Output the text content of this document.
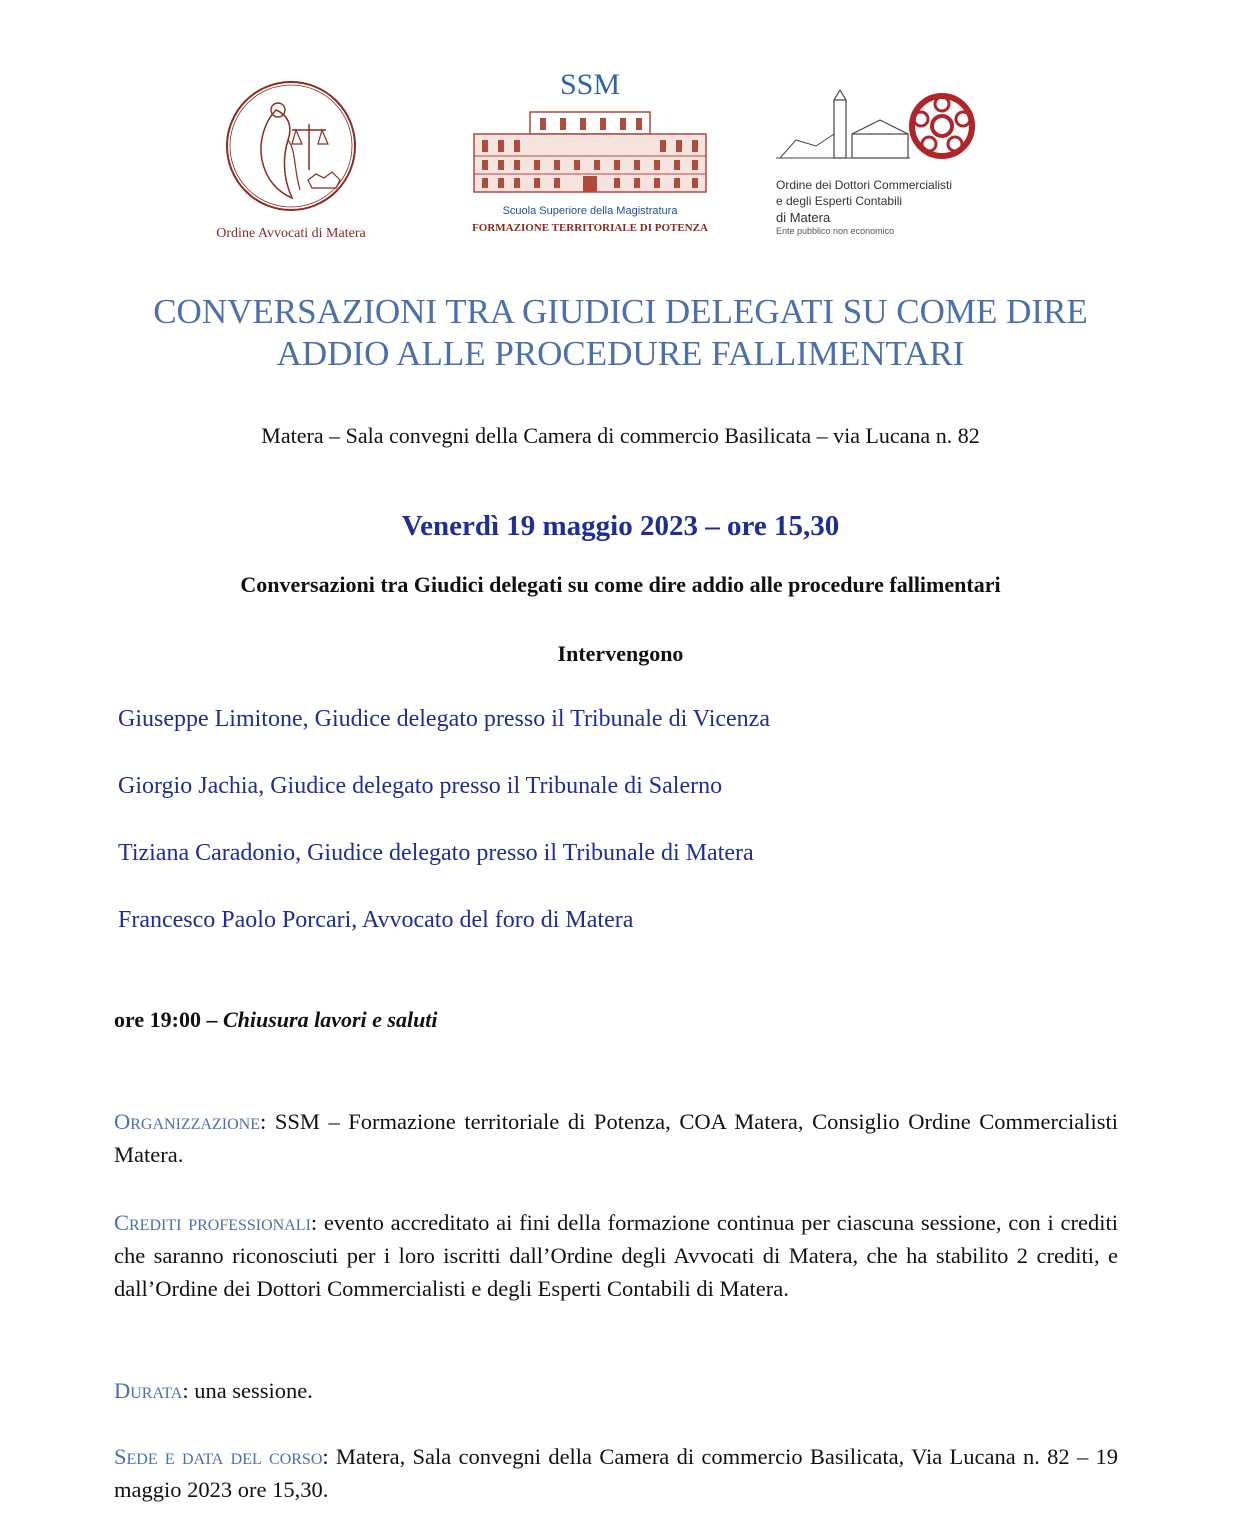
Ordine Avvocati di Matera
SSM
Scuola Superiore della Magistratura
FORMAZIONE TERRITORIALE DI POTENZA
Ordine dei Dottori Commercialisti
e degli Esperti Contabili
di Matera
Ente pubblico non economico
CONVERSAZIONI TRA GIUDICI DELEGATI SU COME DIRE
ADDIO ALLE PROCEDURE FALLIMENTARI
Matera – Sala convegni della Camera di commercio Basilicata – via Lucana n. 82
Venerdì 19 maggio 2023 – ore 15,30
Conversazioni tra Giudici delegati su come dire addio alle procedure fallimentari
Intervengono
Giuseppe Limitone, Giudice delegato presso il Tribunale di Vicenza
Giorgio Jachia, Giudice delegato presso il Tribunale di Salerno
Tiziana Caradonio, Giudice delegato presso il Tribunale di Matera
Francesco Paolo Porcari, Avvocato del foro di Matera
ore 19:00 – Chiusura lavori e saluti
Organizzazione: SSM – Formazione territoriale di Potenza, COA Matera, Consiglio Ordine Commercialisti Matera.
Crediti professionali: evento accreditato ai fini della formazione continua per ciascuna sessione, con i crediti che saranno riconosciuti per i loro iscritti dall’Ordine degli Avvocati di Matera, che ha stabilito 2 crediti, e dall’Ordine dei Dottori Commercialisti e degli Esperti Contabili di Matera.
Durata: una sessione.
Sede e data del corso: Matera, Sala convegni della Camera di commercio Basilicata, Via Lucana n. 82 – 19 maggio 2023 ore 15,30.
